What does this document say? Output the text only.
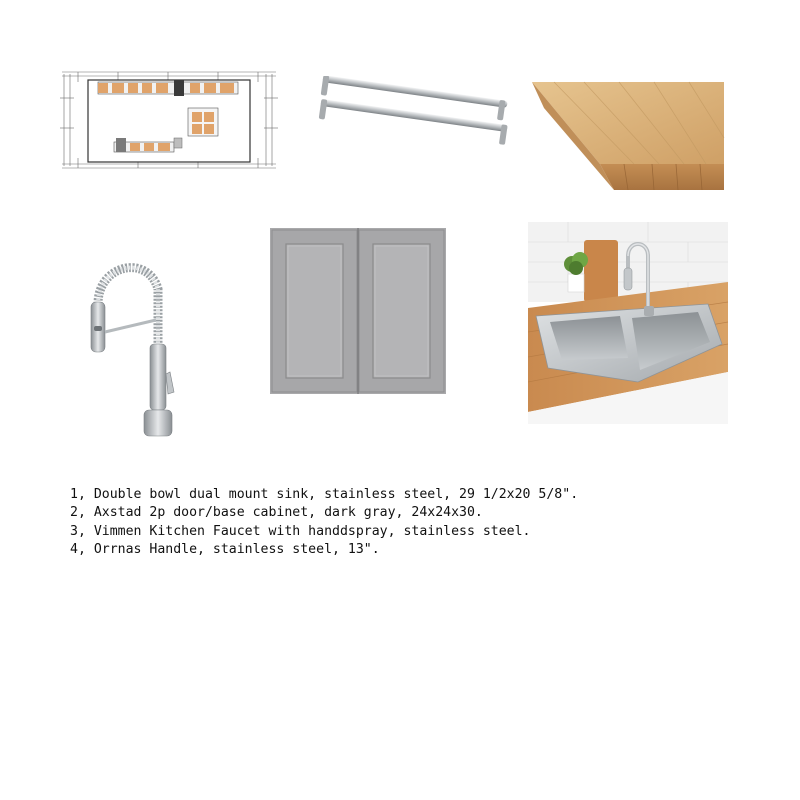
1, Double bowl dual mount sink, stainless steel, 29 1/2x20 5/8".
2, Axstad 2p door/base cabinet, dark gray, 24x24x30.
3, Vimmen Kitchen Faucet with handdspray, stainless steel.
4, Orrnas Handle, stainless steel, 13".
